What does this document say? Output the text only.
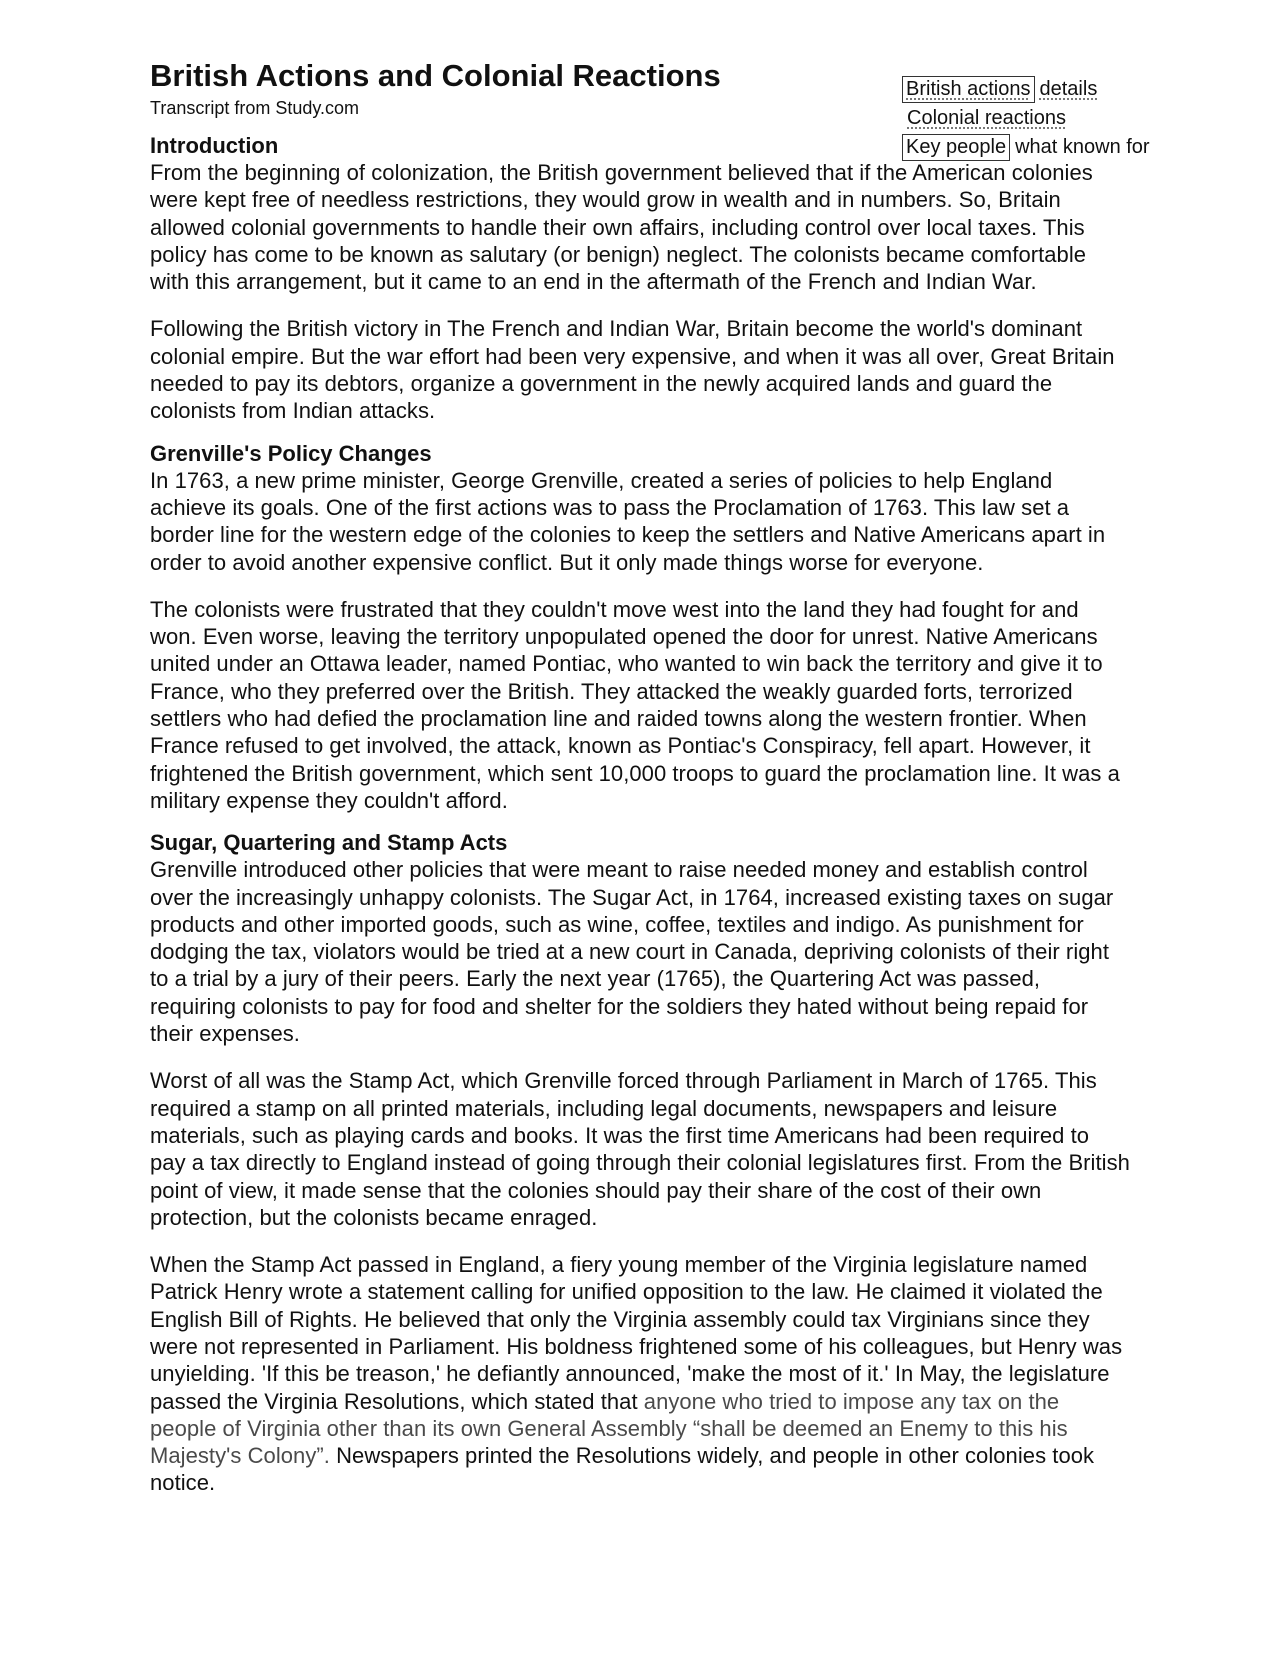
British actions details
Colonial reactions
Key people what known for
British Actions and Colonial Reactions
Transcript from Study.com
Introduction

From the beginning of colonization, the British government believed that if the American colonies were kept free of needless restrictions, they would grow in wealth and in numbers. So, Britain allowed colonial governments to handle their own affairs, including control over local taxes. This policy has come to be known as salutary (or benign) neglect. The colonists became comfortable with this arrangement, but it came to an end in the aftermath of the French and Indian War.

Following the British victory in The French and Indian War, Britain become the world's dominant colonial empire. But the war effort had been very expensive, and when it was all over, Great Britain needed to pay its debtors, organize a government in the newly acquired lands and guard the colonists from Indian attacks.

Grenville's Policy Changes

In 1763, a new prime minister, George Grenville, created a series of policies to help England achieve its goals. One of the first actions was to pass the Proclamation of 1763. This law set a border line for the western edge of the colonies to keep the settlers and Native Americans apart in order to avoid another expensive conflict. But it only made things worse for everyone.

The colonists were frustrated that they couldn't move west into the land they had fought for and won. Even worse, leaving the territory unpopulated opened the door for unrest. Native Americans united under an Ottawa leader, named Pontiac, who wanted to win back the territory and give it to France, who they preferred over the British. They attacked the weakly guarded forts, terrorized settlers who had defied the proclamation line and raided towns along the western frontier. When France refused to get involved, the attack, known as Pontiac's Conspiracy, fell apart. However, it frightened the British government, which sent 10,000 troops to guard the proclamation line. It was a military expense they couldn't afford.

Sugar, Quartering and Stamp Acts

Grenville introduced other policies that were meant to raise needed money and establish control over the increasingly unhappy colonists. The Sugar Act, in 1764, increased existing taxes on sugar products and other imported goods, such as wine, coffee, textiles and indigo. As punishment for dodging the tax, violators would be tried at a new court in Canada, depriving colonists of their right to a trial by a jury of their peers. Early the next year (1765), the Quartering Act was passed, requiring colonists to pay for food and shelter for the soldiers they hated without being repaid for their expenses.

Worst of all was the Stamp Act, which Grenville forced through Parliament in March of 1765. This required a stamp on all printed materials, including legal documents, newspapers and leisure materials, such as playing cards and books. It was the first time Americans had been required to pay a tax directly to England instead of going through their colonial legislatures first. From the British point of view, it made sense that the colonies should pay their share of the cost of their own protection, but the colonists became enraged.

When the Stamp Act passed in England, a fiery young member of the Virginia legislature named Patrick Henry wrote a statement calling for unified opposition to the law. He claimed it violated the English Bill of Rights. He believed that only the Virginia assembly could tax Virginians since they were not represented in Parliament. His boldness frightened some of his colleagues, but Henry was unyielding. 'If this be treason,' he defiantly announced, 'make the most of it.' In May, the legislature passed the Virginia Resolutions, which stated that anyone who tried to impose any tax on the people of Virginia other than its own General Assembly “shall be deemed an Enemy to this his Majesty's Colony”. Newspapers printed the Resolutions widely, and people in other colonies took notice.
